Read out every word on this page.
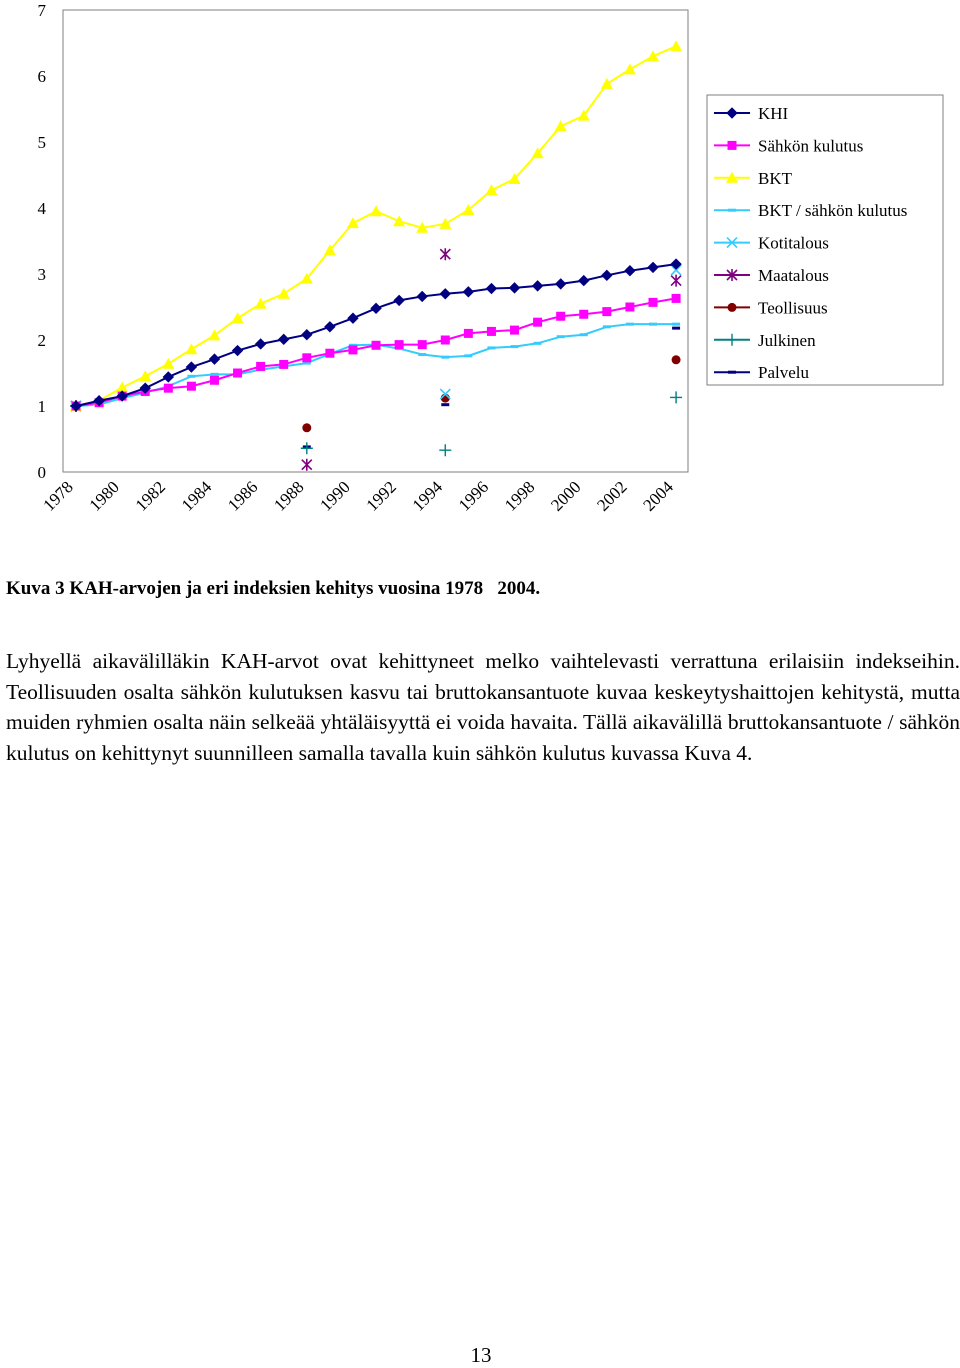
0
1
2
3
4
5
6
7
1978 1980 1982 1984 1986 1988 1990 1992 1994 1996 1998 2000 2002 2004
KHI
Sähkön kulutus
BKT
BKT / sähkön kulutus
Kotitalous
Maatalous
Teollisuus
Julkinen
Palvelu
Kuva 3 KAH-arvojen ja eri indeksien kehitys vuosina 1978   2004.
Lyhyellä aikavälilläkin KAH-arvot ovat kehittyneet melko vaihtelevasti verrattuna erilaisiin indekseihin. Teollisuuden osalta sähkön kulutuksen kasvu tai bruttokansantuote kuvaa keskeytyshaittojen kehitystä, mutta muiden ryhmien osalta näin selkeää yhtäläisyyttä ei voida havaita. Tällä aikavälillä bruttokansantuote / sähkön kulutus on kehittynyt suunnilleen samalla tavalla kuin sähkön kulutus kuvassa Kuva 4.
13
